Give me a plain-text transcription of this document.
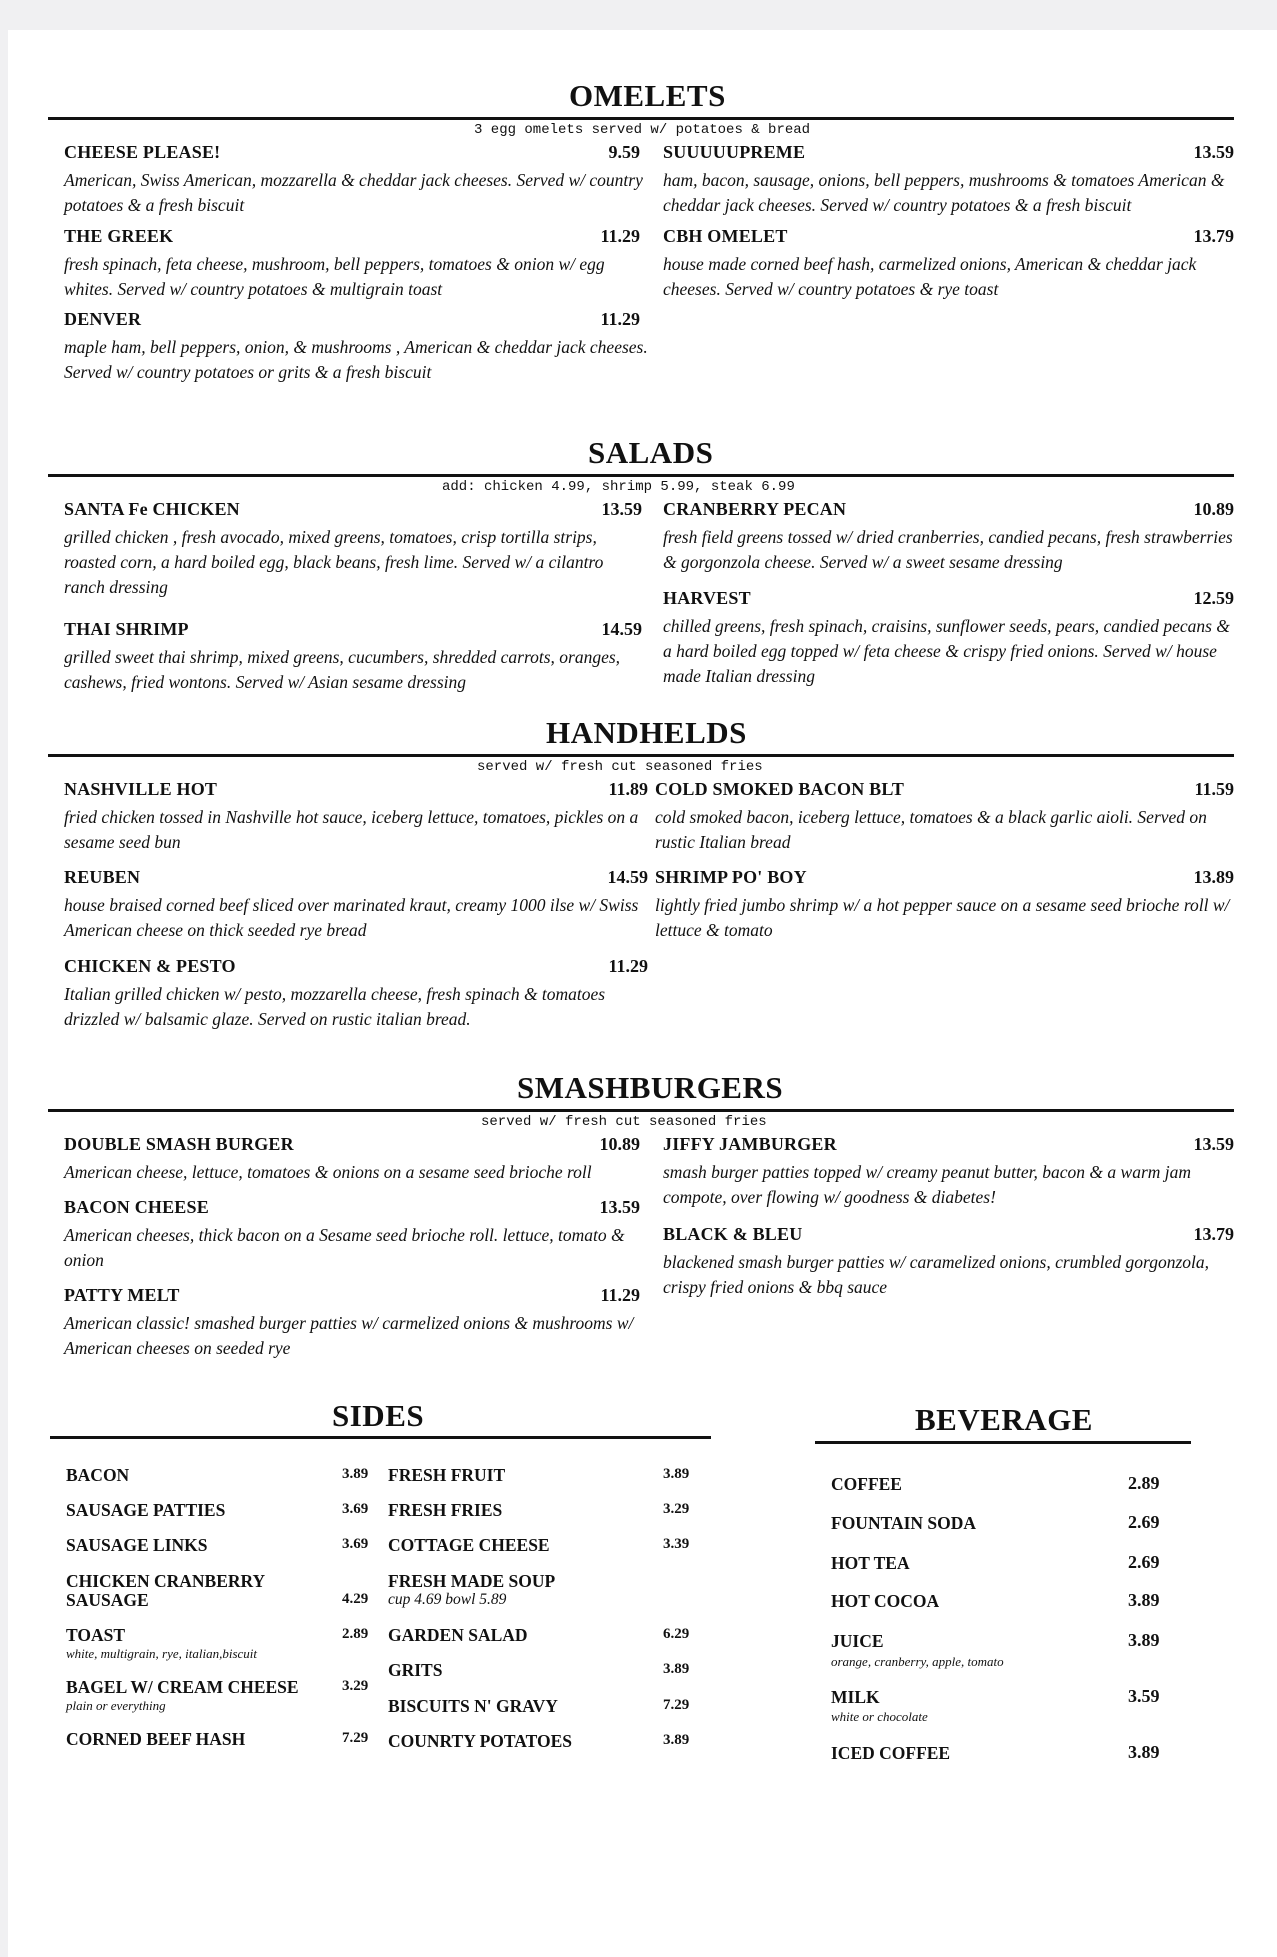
OMELETS
3 egg omelets served w/ potatoes & bread
CHEESE PLEASE!	9.59
American, Swiss American, mozzarella & cheddar jack cheeses. Served w/ country potatoes & a fresh biscuit
THE GREEK	11.29
fresh spinach, feta cheese, mushroom, bell peppers, tomatoes & onion w/ egg whites. Served w/ country potatoes & multigrain toast
DENVER	11.29
maple ham, bell peppers, onion, & mushrooms , American & cheddar jack cheeses. Served w/ country potatoes or grits & a fresh biscuit
SUUUUUPREME	13.59
ham, bacon, sausage, onions, bell peppers, mushrooms & tomatoes American & cheddar jack cheeses. Served w/ country potatoes & a fresh biscuit
CBH OMELET	13.79
house made corned beef hash, carmelized onions, American & cheddar jack cheeses. Served w/ country potatoes & rye toast
SALADS
add: chicken 4.99, shrimp 5.99, steak 6.99
SANTA Fe CHICKEN	13.59
grilled chicken , fresh avocado, mixed greens, tomatoes, crisp tortilla strips, roasted corn, a hard boiled egg, black beans, fresh lime. Served w/ a cilantro ranch dressing
THAI SHRIMP	14.59
grilled sweet thai shrimp, mixed greens, cucumbers, shredded carrots, oranges, cashews, fried wontons. Served w/ Asian sesame dressing
CRANBERRY PECAN	10.89
fresh field greens tossed w/ dried cranberries, candied pecans, fresh strawberries & gorgonzola cheese. Served w/ a sweet sesame dressing
HARVEST	12.59
chilled greens, fresh spinach, craisins, sunflower seeds, pears, candied pecans & a hard boiled egg topped w/ feta cheese & crispy fried onions. Served w/ house made Italian dressing
HANDHELDS
served w/ fresh cut seasoned fries
NASHVILLE HOT	11.89
fried chicken tossed in Nashville hot sauce, iceberg lettuce, tomatoes, pickles on a sesame seed bun
REUBEN	14.59
house braised corned beef sliced over marinated kraut, creamy 1000 ilse w/ Swiss American cheese on thick seeded rye bread
CHICKEN & PESTO	11.29
Italian grilled chicken w/ pesto, mozzarella cheese, fresh spinach & tomatoes drizzled w/ balsamic glaze. Served on rustic italian bread.
COLD SMOKED BACON BLT	11.59
cold smoked bacon, iceberg lettuce, tomatoes & a black garlic aioli. Served on rustic Italian bread
SHRIMP PO' BOY	13.89
lightly fried jumbo shrimp w/ a hot pepper sauce on a sesame seed brioche roll w/ lettuce & tomato
SMASHBURGERS
served w/ fresh cut seasoned fries
DOUBLE SMASH BURGER	10.89
American cheese, lettuce, tomatoes & onions on a sesame seed brioche roll
BACON CHEESE	13.59
American cheeses, thick bacon on a Sesame seed brioche roll. lettuce, tomato & onion
PATTY MELT	11.29
American classic! smashed burger patties w/ carmelized onions & mushrooms w/ American cheeses on seeded rye
JIFFY JAMBURGER	13.59
smash burger patties topped w/ creamy peanut butter, bacon & a warm jam compote, over flowing w/ goodness & diabetes!
BLACK & BLEU	13.79
blackened smash burger patties w/ caramelized onions, crumbled gorgonzola, crispy fried onions & bbq sauce
SIDES
BACON	3.89
SAUSAGE PATTIES	3.69
SAUSAGE LINKS	3.69
CHICKEN CRANBERRY
SAUSAGE	4.29
TOAST	2.89
white, multigrain, rye, italian,biscuit
BAGEL W/ CREAM CHEESE	3.29
plain or everything
CORNED BEEF HASH	7.29
FRESH FRUIT	3.89
FRESH FRIES	3.29
COTTAGE CHEESE	3.39
FRESH MADE SOUP
cup 4.69 bowl 5.89
GARDEN SALAD	6.29
GRITS	3.89
BISCUITS N' GRAVY	7.29
COUNRTY POTATOES	3.89
BEVERAGE
COFFEE	2.89
FOUNTAIN SODA	2.69
HOT TEA	2.69
HOT COCOA	3.89
JUICE	3.89
orange, cranberry, apple, tomato
MILK	3.59
white or chocolate
ICED COFFEE	3.89
